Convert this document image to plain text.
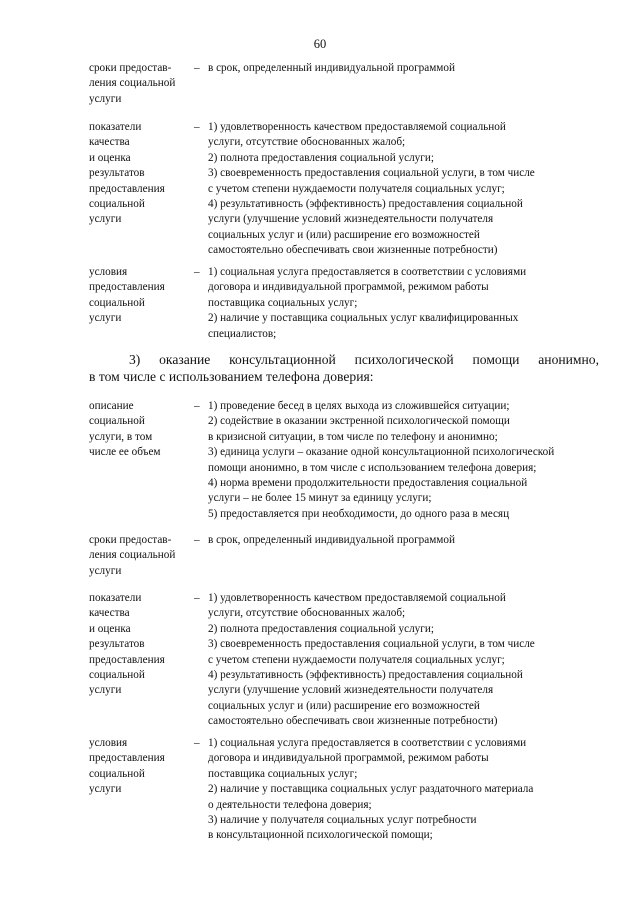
60
сроки предостав-
ления социальной
услуги
– в срок, определенный индивидуальной программой
показатели
качества
и оценка
результатов
предоставления
социальной
услуги
– 1) удовлетворенность качеством предоставляемой социальной
услуги, отсутствие обоснованных жалоб;
2) полнота предоставления социальной услуги;
3) своевременность предоставления социальной услуги, в том числе
с учетом степени нуждаемости получателя социальных услуг;
4) результативность (эффективность) предоставления социальной
услуги (улучшение условий жизнедеятельности получателя
социальных услуг и (или) расширение его возможностей
самостоятельно обеспечивать свои жизненные потребности)
условия
предоставления
социальной
услуги
– 1) социальная услуга предоставляется в соответствии с условиями
договора и индивидуальной программой, режимом работы
поставщика социальных услуг;
2) наличие у поставщика социальных услуг квалифицированных
специалистов;
3) оказание консультационной психологической помощи анонимно,
в том числе с использованием телефона доверия:
описание
социальной
услуги, в том
числе ее объем
– 1) проведение бесед в целях выхода из сложившейся ситуации;
2) содействие в оказании экстренной психологической помощи
в кризисной ситуации, в том числе по телефону и анонимно;
3) единица услуги – оказание одной консультационной психологической
помощи анонимно, в том числе с использованием телефона доверия;
4) норма времени продолжительности предоставления социальной
услуги – не более 15 минут за единицу услуги;
5) предоставляется при необходимости, до одного раза в месяц
сроки предостав-
ления социальной
услуги
– в срок, определенный индивидуальной программой
показатели
качества
и оценка
результатов
предоставления
социальной
услуги
– 1) удовлетворенность качеством предоставляемой социальной
услуги, отсутствие обоснованных жалоб;
2) полнота предоставления социальной услуги;
3) своевременность предоставления социальной услуги, в том числе
с учетом степени нуждаемости получателя социальных услуг;
4) результативность (эффективность) предоставления социальной
услуги (улучшение условий жизнедеятельности получателя
социальных услуг и (или) расширение его возможностей
самостоятельно обеспечивать свои жизненные потребности)
условия
предоставления
социальной
услуги
– 1) социальная услуга предоставляется в соответствии с условиями
договора и индивидуальной программой, режимом работы
поставщика социальных услуг;
2) наличие у поставщика социальных услуг раздаточного материала
о деятельности телефона доверия;
3) наличие у получателя социальных услуг потребности
в консультационной психологической помощи;
